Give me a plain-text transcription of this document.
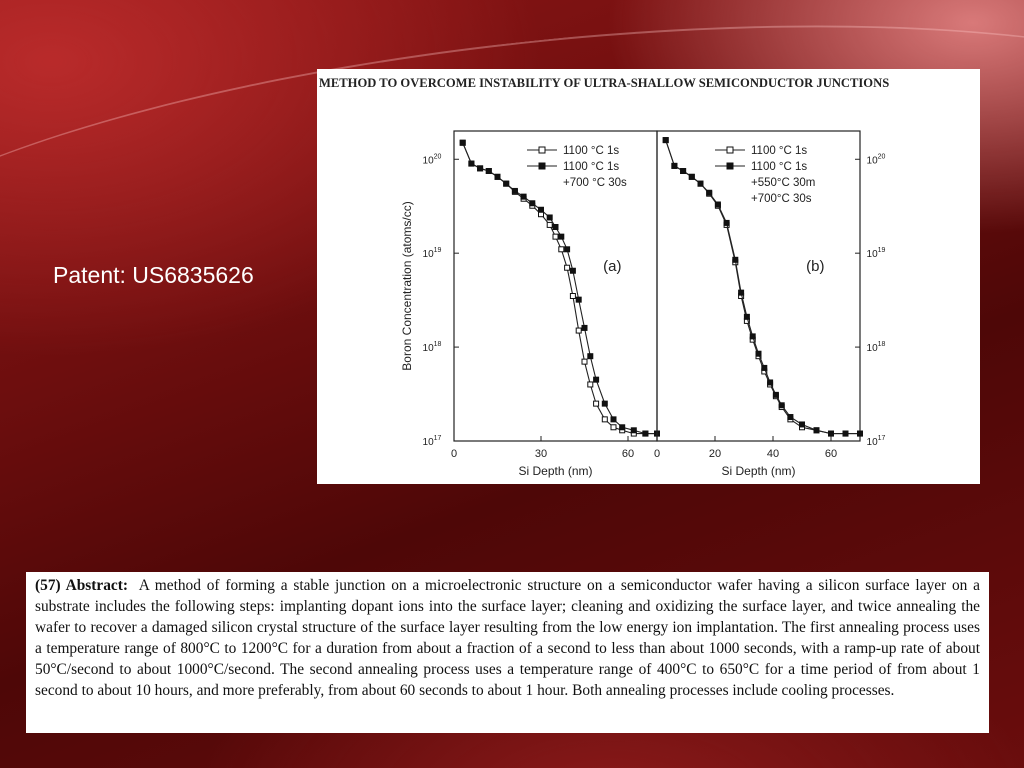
Patent: US6835626
METHOD TO OVERCOME INSTABILITY OF ULTRA-SHALLOW SEMICONDUCTOR JUNCTIONS
0	30	60
$10^{20}$
$10^{19}$
$10^{18}$
$10^{17}$
Si Depth (nm)
Boron Concentration (atoms/cc)	(a)
1100 °C 1s
1100 °C 1s
+700 °C 30s
0	20	40	60
$10^{20}$
$10^{19}$
$10^{18}$
$10^{17}$
Si Depth (nm)
(b)
1100 °C 1s
1100 °C 1s
+550°C 30m
+700°C 30s

(57) Abstract: A method of forming a stable junction on a microelectronic structure on a semiconductor wafer having a silicon surface layer on a substrate includes the following steps: implanting dopant ions into the surface layer; cleaning and oxidizing the surface layer, and twice annealing the wafer to recover a damaged silicon crystal structure of the surface layer resulting from the low energy ion implantation. The first annealing process uses a temperature range of 800°C to 1200°C for a duration from about a fraction of a second to less than about 1000 seconds, with a ramp-up rate of about 50°C/second to about 1000°C/second. The second annealing process uses a temperature range of 400°C to 650°C for a time period of from about 1 second to about 10 hours, and more preferably, from about 60 seconds to about 1 hour. Both annealing processes include cooling processes.
